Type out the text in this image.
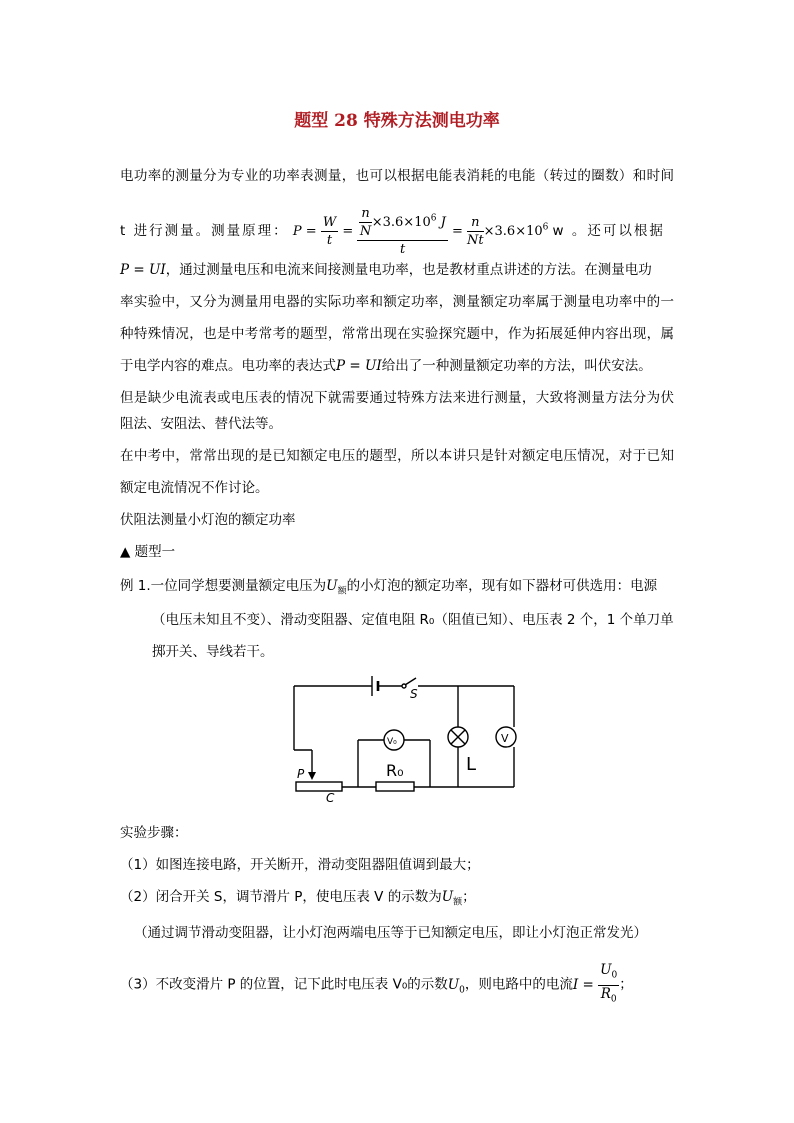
题型 28 特殊方法测电功率
电功率的测量分为专业的功率表测量，也可以根据电能表消耗的电能（转过的圈数）和时间
t 进行测量。测量原理： $P = \frac{W}{t} = \frac{\frac{n}{N} \times 3.6\times 10^6 J}{t} = \frac{n}{Nt} \times 3.6\times 10^6$ w 。还可以根据
P = UI，通过测量电压和电流来间接测量电功率，也是教材重点讲述的方法。在测量电功
率实验中，又分为测量用电器的实际功率和额定功率，测量额定功率属于测量电功率中的一
种特殊情况，也是中考常考的题型，常常出现在实验探究题中，作为拓展延伸内容出现，属
于电学内容的难点。电功率的表达式P = UI给出了一种测量额定功率的方法，叫伏安法。
但是缺少电流表或电压表的情况下就需要通过特殊方法来进行测量，大致将测量方法分为伏
阻法、安阻法、替代法等。
在中考中，常常出现的是已知额定电压的题型，所以本讲只是针对额定电压情况，对于已知
额定电流情况不作讨论。
伏阻法测量小灯泡的额定功率
▲ 题型一
例 1.一位同学想要测量额定电压为$U_额$的小灯泡的额定功率，现有如下器材可供选用：电源
（电压未知且不变）、滑动变阻器、定值电阻 R₀（阻值已知）、电压表 2 个，1 个单刀单
掷开关、导线若干。
S
V₀
R₀	L
V
P
C
实验步骤：
（1）如图连接电路，开关断开，滑动变阻器阻值调到最大；
（2）闭合开关 S，调节滑片 P，使电压表 V 的示数为$U_额$；
（通过调节滑动变阻器，让小灯泡两端电压等于已知额定电压，即让小灯泡正常发光）
（3）不改变滑片 P 的位置，记下此时电压表 V₀的示数$U_0$，则电路中的电流$I = \frac{U_0}{R_0}$ ；
